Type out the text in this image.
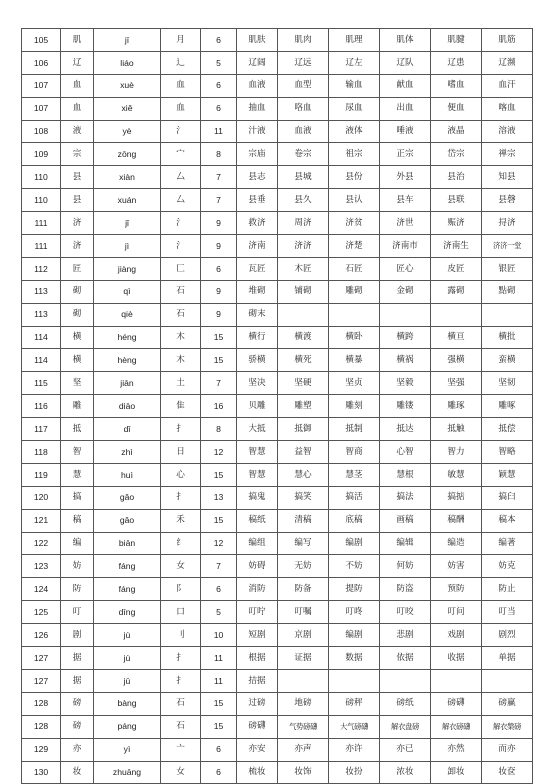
105	肌	jī	月	6	肌肤	肌肉	肌理	肌体	肌腱	肌筋
106	辽	liáo	辶	5	辽阔	辽远	辽左	辽队	辽患	辽濒
107	血	xuè	血	6	血液	血型	输血	献血	嗜血	血汗
107	血	xiě	血	6	抽血	咯血	尿血	出血	便血	喀血
108	液	yè	氵	11	汁液	血液	液体	唾液	液晶	溶液
109	宗	zōng	宀	8	宗庙	卷宗	祖宗	正宗	岱宗	禅宗
110	县	xiàn	厶	7	县志	县城	县份	外县	县治	知县
110	县	xuán	厶	7	县垂	县久	县认	县车	县联	县磬
111	济	jǐ	氵	9	救济	周济	济贫	济世	赈济	挦济
111	济	jì	氵	9	济南	济济	济楚	济南市	济南生	济济一堂
112	匠	jiàng	匚	6	瓦匠	木匠	石匠	匠心	皮匠	银匠
113	砌	qì	石	9	堆砌	铺砌	雕砌	金砌	露砌	點砌
113	砌	qiè	石	9	砌末					
114	横	héng	木	15	横行	横渡	横卧	横跨	横亘	横批
114	横	hèng	木	15	骄横	横死	横暴	横祸	强横	蛮横
115	坚	jiān	土	7	坚决	坚硬	坚贞	坚毅	坚强	坚韧
116	雕	diāo	隹	16	贝雕	雕塑	雕刻	雕镂	雕琢	雕啄
117	抵	dǐ	扌	8	大抵	抵御	抵制	抵达	抵触	抵偿
118	智	zhì	日	12	智慧	益智	智商	心智	智力	智略
119	慧	huì	心	15	智慧	慧心	慧茎	慧根	敏慧	颖慧
120	搞	gǎo	扌	13	搞鬼	搞笑	搞活	搞法	搞掂	搞臼
121	稿	gǎo	禾	15	稿纸	清稿	底稿	画稿	稿酬	稿本
122	编	biān	纟	12	编组	编写	编剧	编辑	编造	编著
123	妨	fáng	女	7	妨碍	无妨	不妨	何妨	妨害	妨克
124	防	fáng	阝	6	消防	防备	提防	防盗	预防	防止
125	叮	dīng	口	5	叮咛	叮嘱	叮咚	叮咬	叮问	叮当
126	剧	jù	刂	10	短剧	京剧	编剧	悲剧	戏剧	剧烈
127	据	jù	扌	11	根据	证据	数据	依据	收据	单据
127	据	jū	扌	11	拮据					
128	磅	bàng	石	15	过磅	地磅	磅秤	磅纸	磅礴	磅赢
128	磅	páng	石	15	磅礴	气势磅礴	大气磅礴	解衣盘磅	解衣磅礴	解衣槃磅
129	亦	yì	亠	6	亦安	亦声	亦许	亦已	亦然	而亦
130	妆	zhuāng	女	6	梳妆	妆饰	妆扮	浓妆	卸妆	妆奁
